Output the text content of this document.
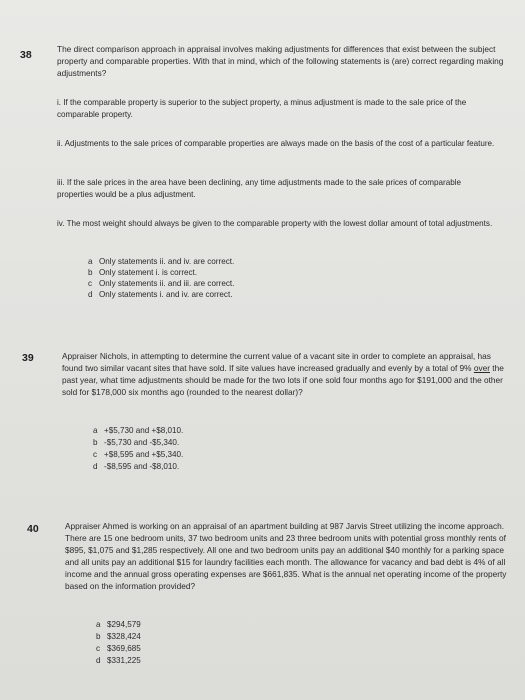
38	The direct comparison approach in appraisal involves making adjustments for differences that exist between the subject property and comparable properties. With that in mind, which of the following statements is (are) correct regarding making adjustments?
i. If the comparable property is superior to the subject property, a minus adjustment is made to the sale price of the comparable property.
ii. Adjustments to the sale prices of comparable properties are always made on the basis of the cost of a particular feature.
iii. If the sale prices in the area have been declining, any time adjustments made to the sale prices of comparable properties would be a plus adjustment.
iv. The most weight should always be given to the comparable property with the lowest dollar amount of total adjustments.
a Only statements ii. and iv. are correct.
b Only statement i. is correct.
c Only statements ii. and iii. are correct.
d Only statements i. and iv. are correct.
39	Appraiser Nichols, in attempting to determine the current value of a vacant site in order to complete an appraisal, has found two similar vacant sites that have sold. If site values have increased gradually and evenly by a total of 9% over the past year, what time adjustments should be made for the two lots if one sold four months ago for $191,000 and the other sold for $178,000 six months ago (rounded to the nearest dollar)?
a +$5,730 and +$8,010.
b -$5,730 and -$5,340.
c +$8,595 and +$5,340.
d -$8,595 and -$8,010.
40	Appraiser Ahmed is working on an appraisal of an apartment building at 987 Jarvis Street utilizing the income approach. There are 15 one bedroom units, 37 two bedroom units and 23 three bedroom units with potential gross monthly rents of $895, $1,075 and $1,285 respectively. All one and two bedroom units pay an additional $40 monthly for a parking space and all units pay an additional $15 for laundry facilities each month. The allowance for vacancy and bad debt is 4% of all income and the annual gross operating expenses are $661,835. What is the annual net operating income of the property based on the information provided?
a $294,579
b $328,424
c $369,685
d $331,225
